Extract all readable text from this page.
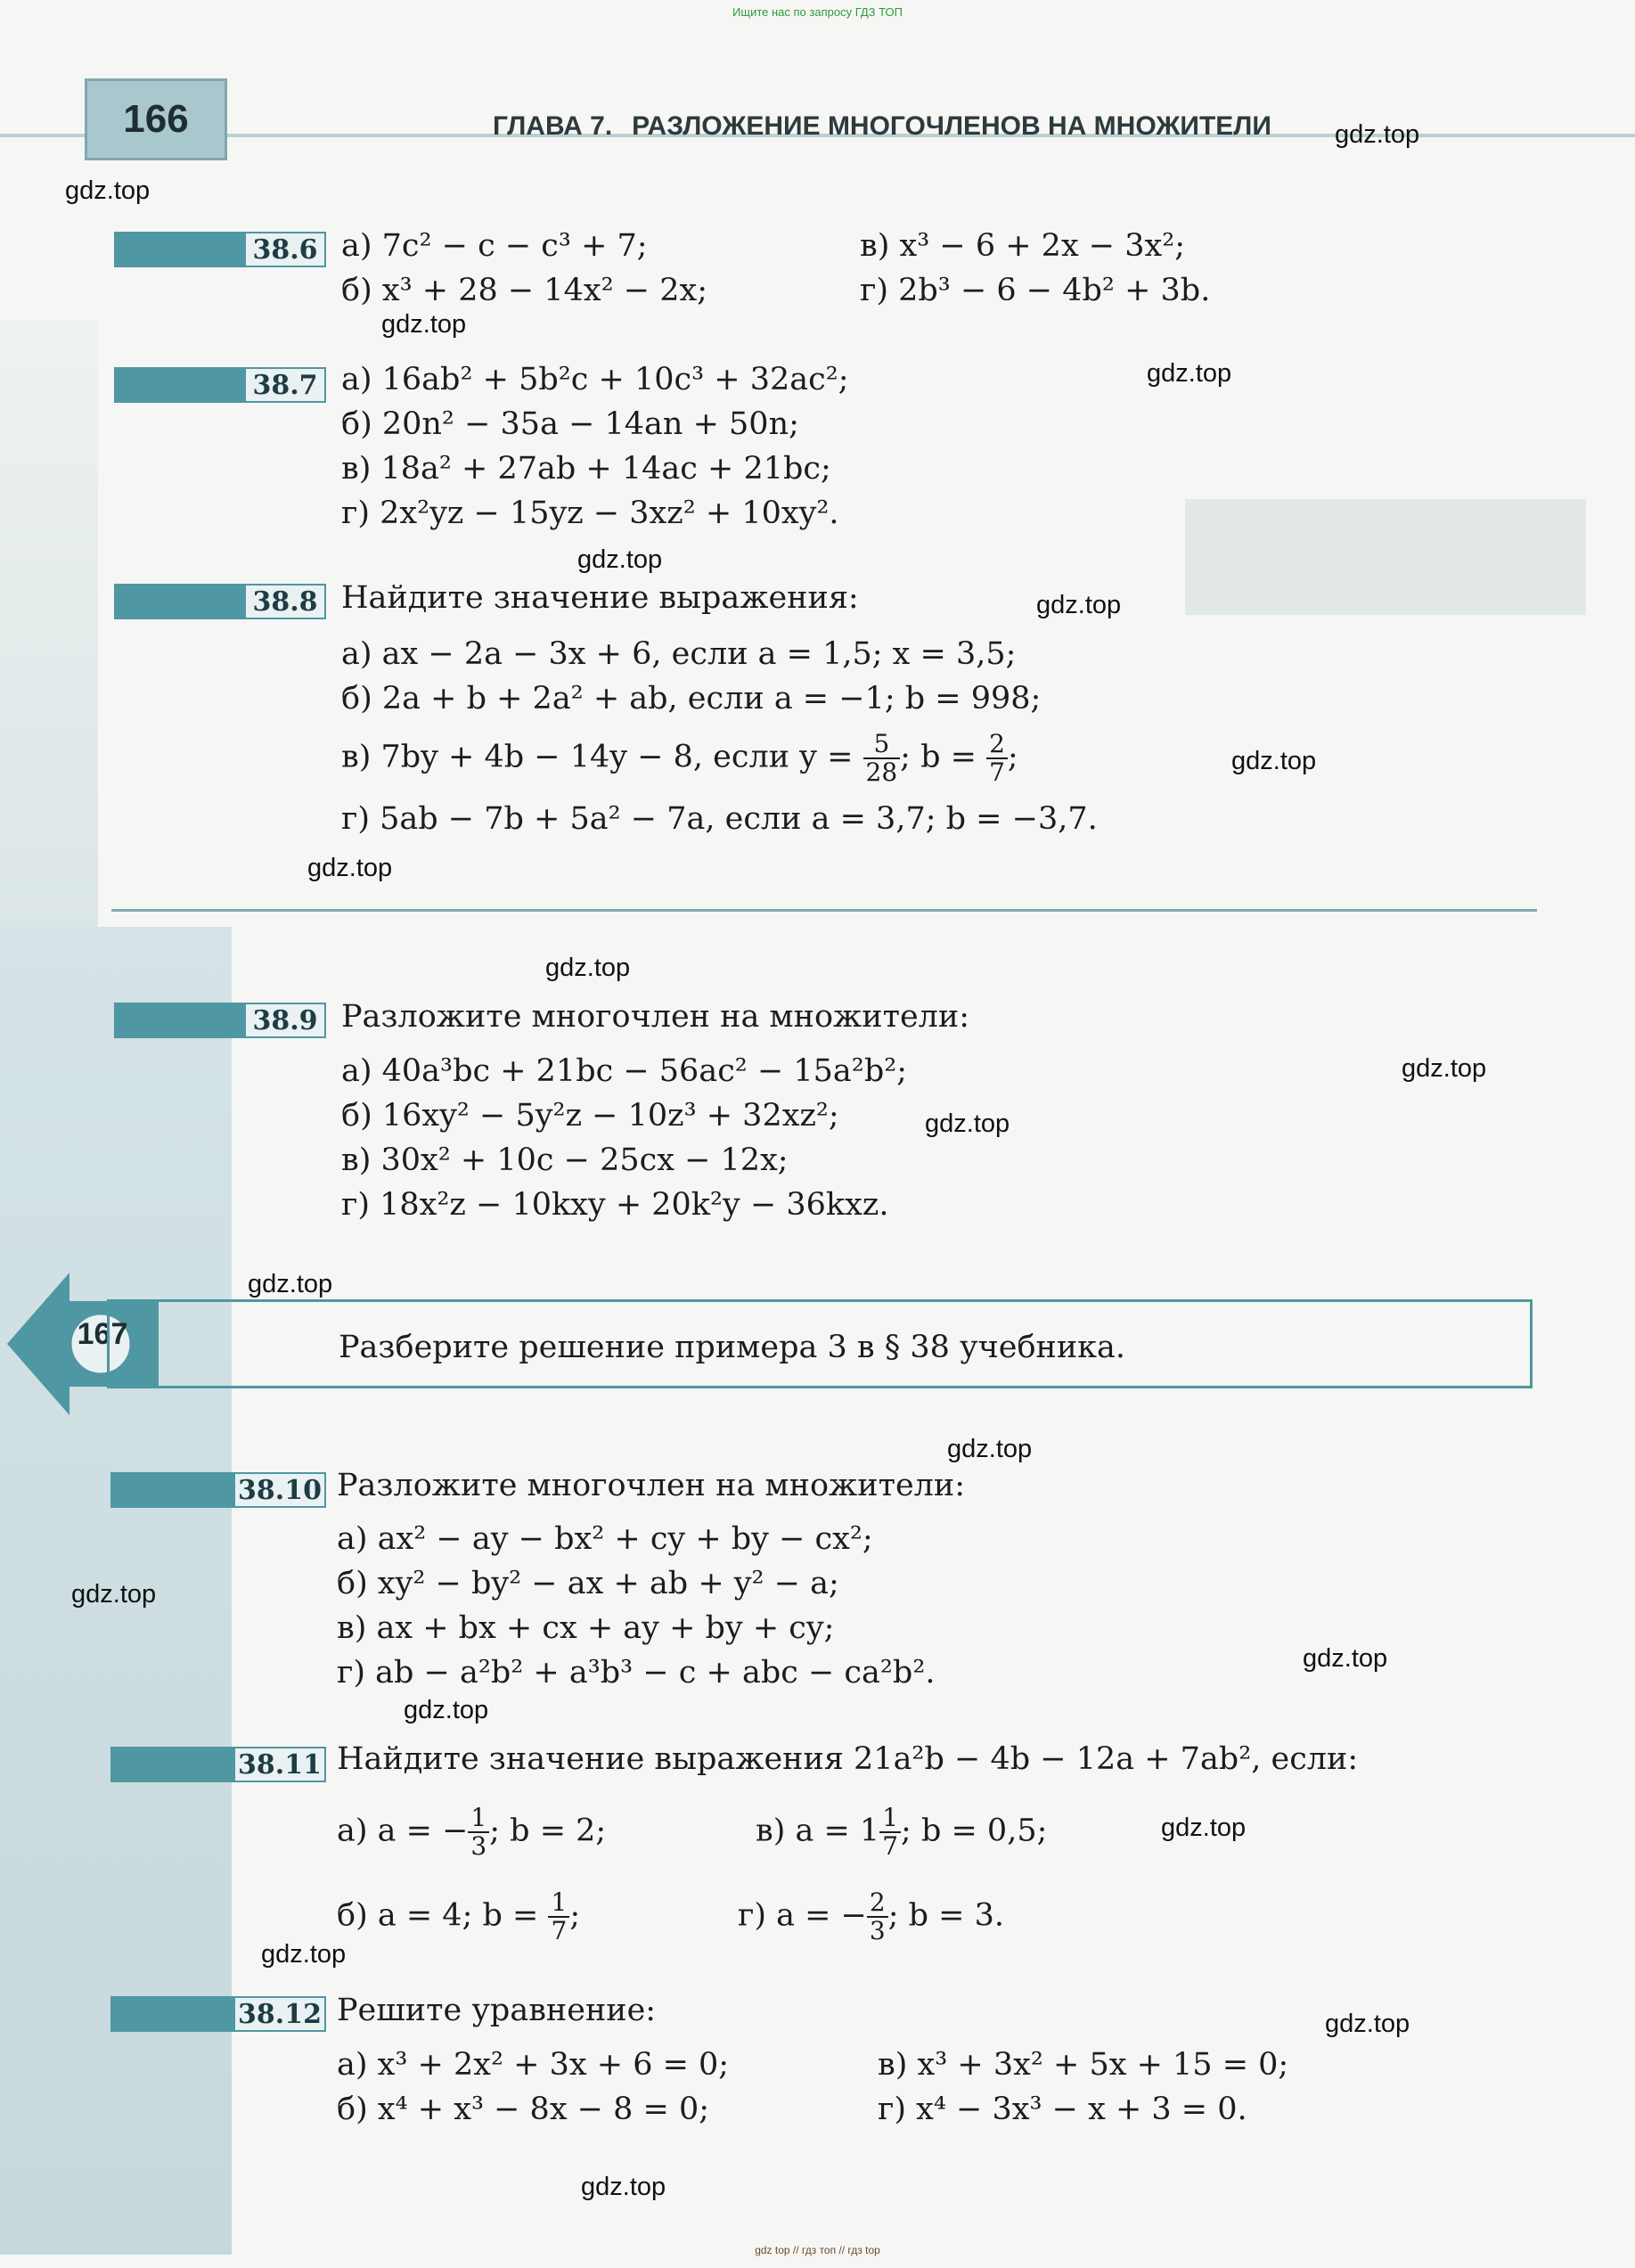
Ищите нас по запросу ГДЗ ТОП
166	ГЛАВА 7. РАЗЛОЖЕНИЕ МНОГОЧЛЕНОВ НА МНОЖИТЕЛИ gdz.top
gdz.top
gdz.top
gdz.top
gdz.top
gdz.top
gdz.top
gdz.top
gdz.top
gdz.top
gdz.top
gdz.top
gdz.top
gdz.top
gdz.top
gdz.top
gdz.top
gdz.top
gdz.top
gdz.top
38.6 а) 7c² − c − c³ + 7;	в) x³ − 6 + 2x − 3x²;
б) x³ + 28 − 14x² − 2x;	г) 2b³ − 6 − 4b² + 3b.
38.7 а) 16ab² + 5b²c + 10c³ + 32ac²;
б) 20n² − 35a − 14an + 50n;
в) 18a² + 27ab + 14ac + 21bc;
г) 2x²yz − 15yz − 3xz² + 10xy².
38.8 Найдите значение выражения:
а) ax − 2a − 3x + 6, если a = 1,5; x = 3,5;
б) 2a + b + 2a² + ab, если a = −1; b = 998;
в) 7by + 4b − 14y − 8, если $y = \frac{5}{28}$ ; $b = \frac{2}{7}$ ;
г) 5ab − 7b + 5a² − 7a, если a = 3,7; b = −3,7.
38.9 Разложите многочлен на множители:
а) 40a³bc + 21bc − 56ac² − 15a²b²;
б) 16xy² − 5y²z − 10z³ + 32xz²;
в) 30x² + 10c − 25cx − 12x;
г) 18x²z − 10kxy + 20k²y − 36kxz.
167	Разберите решение примера 3 в § 38 учебника.
38.10 Разложите многочлен на множители:
а) ax² − ay − bx² + cy + by − cx²;
б) xy² − by² − ax + ab + y² − a;
в) ax + bx + cx + ay + by + cy;
г) ab − a²b² + a³b³ − c + abc − ca²b².
38.11 Найдите значение выражения 21a²b − 4b − 12a + 7ab², если:
а) a = − $\frac{1}{3}$ ; b = 2;	в) $a = 1 \frac{1}{7}$ ; b = 0,5;
б) a = 4; $b = \frac{1}{7}$ ;	г) a = − $\frac{2}{3}$ ; b = 3.
38.12 Решите уравнение:
а) x³ + 2x² + 3x + 6 = 0;	в) x³ + 3x² + 5x + 15 = 0;
б) x⁴ + x³ − 8x − 8 = 0;	г) x⁴ − 3x³ − x + 3 = 0.
gdz top // гдз топ // гдз top
